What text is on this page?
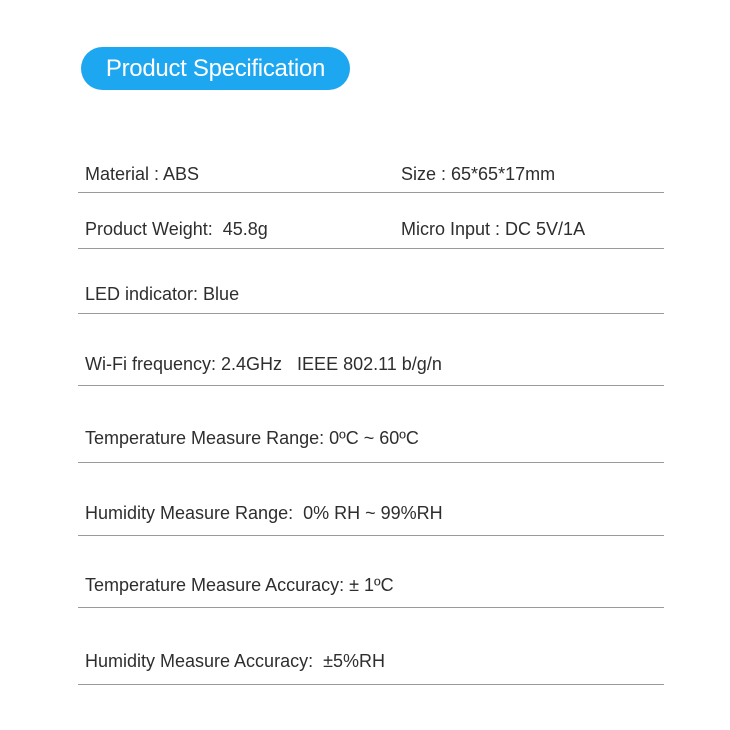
Product Specification
Material : ABS	Size : 65*65*17mm
Product Weight:  45.8g	Micro Input : DC 5V/1A
LED indicator: Blue
Wi-Fi frequency: 2.4GHz   IEEE 802.11 b/g/n
Temperature Measure Range: 0ºC ~ 60ºC
Humidity Measure Range:  0% RH ~ 99%RH
Temperature Measure Accuracy: ± 1ºC
Humidity Measure Accuracy:  ±5%RH
